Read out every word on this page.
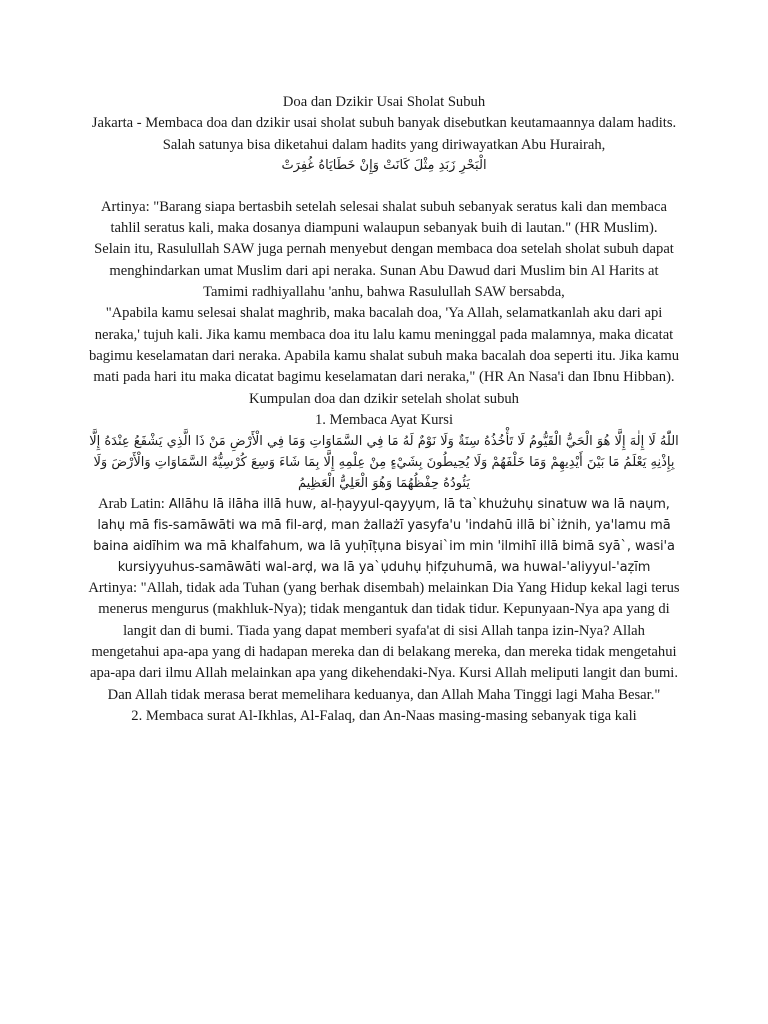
Doa dan Dzikir Usai Sholat Subuh

Jakarta - Membaca doa dan dzikir usai sholat subuh banyak disebutkan keutamaannya dalam hadits. Salah satunya bisa diketahui dalam hadits yang diriwayatkan Abu Hurairah,

الْبَحْرِ زَبَدِ مِثْلَ كَانَتْ وَإِنْ خَطَايَاهُ غُفِرَتْ

Artinya: "Barang siapa bertasbih setelah selesai shalat subuh sebanyak seratus kali dan membaca tahlil seratus kali, maka dosanya diampuni walaupun sebanyak buih di lautan." (HR Muslim).

Selain itu, Rasulullah SAW juga pernah menyebut dengan membaca doa setelah sholat subuh dapat menghindarkan umat Muslim dari api neraka. Sunan Abu Dawud dari Muslim bin Al Harits at Tamimi radhiyallahu 'anhu, bahwa Rasulullah SAW bersabda,

"Apabila kamu selesai shalat maghrib, maka bacalah doa, 'Ya Allah, selamatkanlah aku dari api neraka,' tujuh kali. Jika kamu membaca doa itu lalu kamu meninggal pada malamnya, maka dicatat bagimu keselamatan dari neraka. Apabila kamu shalat subuh maka bacalah doa seperti itu. Jika kamu mati pada hari itu maka dicatat bagimu keselamatan dari neraka," (HR An Nasa'i dan Ibnu Hibban).

Kumpulan doa dan dzikir setelah sholat subuh

1. Membaca Ayat Kursi

اللّٰهُ لَا إِلٰهَ إِلَّا هُوَ الْحَيُّ الْقَيُّومُ لَا تَأْخُذُهُ سِنَةٌ وَلَا نَوْمٌ لَهُ مَا فِي السَّمَاوَاتِ وَمَا فِي الْأَرْضِ مَنْ ذَا الَّذِي يَشْفَعُ عِنْدَهُ إِلَّا بِإِذْنِهِ يَعْلَمُ مَا بَيْنَ أَيْدِيهِمْ وَمَا خَلْفَهُمْ وَلَا يُحِيطُونَ بِشَيْءٍ مِنْ عِلْمِهِ إِلَّا بِمَا شَاءَ وَسِعَ كُرْسِيُّهُ السَّمَاوَاتِ وَالْأَرْضَ وَلَا يَئُودُهُ حِفْظُهُمَا وَهُوَ الْعَلِيُّ الْعَظِيمُ

Arab Latin: Allāhu lā ilāha illā huw, al-ḥayyul-qayyụm, lā ta`khużuhụ sinatuw wa lā naụm, lahụ mā fis-samāwāti wa mā fil-arḍ, man żallażī yasyfa'u 'indahū illā bi`iżnih, ya'lamu mā baina aidīhim wa mā khalfahum, wa lā yuḥīṭụna bisyai`im min 'ilmihī illā bimā syā`, wasi'a kursiyyuhus-samāwāti wal-arḍ, wa lā ya`ụduhụ ḥifẓuhumā, wa huwal-'aliyyul-'aẓīm

Artinya: "Allah, tidak ada Tuhan (yang berhak disembah) melainkan Dia Yang Hidup kekal lagi terus menerus mengurus (makhluk-Nya); tidak mengantuk dan tidak tidur. Kepunyaan-Nya apa yang di langit dan di bumi. Tiada yang dapat memberi syafa'at di sisi Allah tanpa izin-Nya? Allah mengetahui apa-apa yang di hadapan mereka dan di belakang mereka, dan mereka tidak mengetahui apa-apa dari ilmu Allah melainkan apa yang dikehendaki-Nya. Kursi Allah meliputi langit dan bumi. Dan Allah tidak merasa berat memelihara keduanya, dan Allah Maha Tinggi lagi Maha Besar."

2. Membaca surat Al-Ikhlas, Al-Falaq, dan An-Naas masing-masing sebanyak tiga kali
